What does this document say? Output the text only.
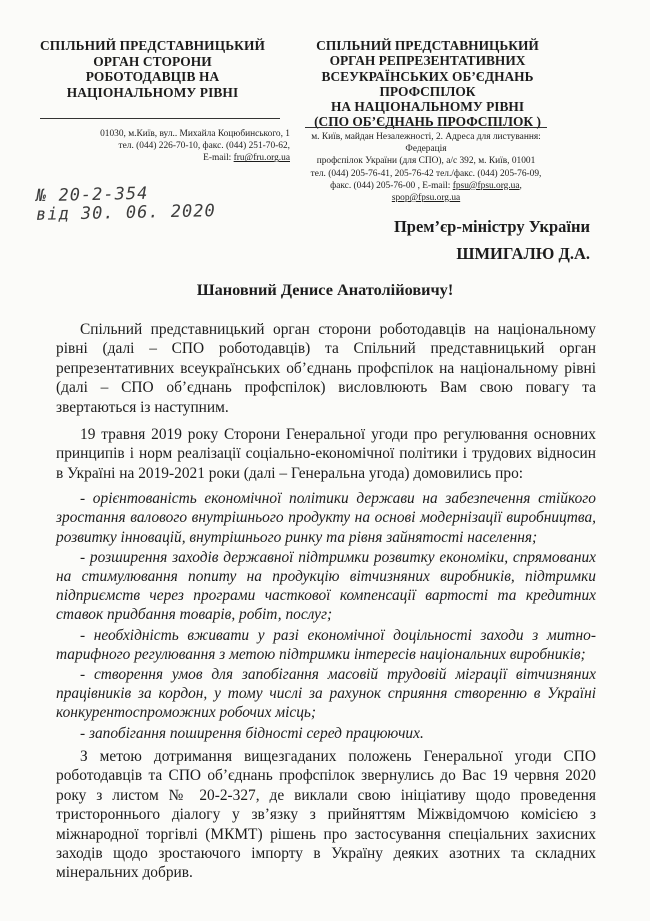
СПІЛЬНИЙ ПРЕДСТАВНИЦЬКИЙ
ОРГАН СТОРОНИ
РОБОТОДАВЦІВ НА
НАЦІОНАЛЬНОМУ РІВНІ
СПІЛЬНИЙ ПРЕДСТАВНИЦЬКИЙ
ОРГАН РЕПРЕЗЕНТАТИВНИХ
ВСЕУКРАЇНСЬКИХ ОБ’ЄДНАНЬ
ПРОФСПІЛОК
НА НАЦІОНАЛЬНОМУ РІВНІ
(СПО ОБ’ЄДНАНЬ ПРОФСПІЛОК )
01030, м.Київ, вул.. Михайла Коцюбинського, 1
тел. (044) 226-70-10, факс. (044) 251-70-62,
E-mail: fru@fru.org.ua
м. Київ, майдан Незалежності, 2. Адреса для листування: Федерація
профспілок України (для СПО), а/с 392, м. Київ, 01001
тел. (044) 205-76-41, 205-76-42 тел./факс. (044) 205-76-09,
факс. (044) 205-76-00 , E-mail: fpsu@fpsu.org.ua,
spop@fpsu.org.ua
№ 20-2-354
від 30. 06. 2020
Прем’єр-міністру України
ШМИГАЛЮ Д.А.
Шановний Денисе Анатолійовичу!

Спільний представницький орган сторони роботодавців на національному рівні (далі – СПО роботодавців) та Спільний представницький орган репрезентативних всеукраїнських об’єднань профспілок на національному рівні (далі – СПО об’єднань профспілок) висловлюють Вам свою повагу та звертаються із наступним.

19 травня 2019 року Сторони Генеральної угоди про регулювання основних принципів і норм реалізації соціально-економічної політики і трудових відносин в Україні на 2019-2021 роки (далі – Генеральна угода) домовились про:

- орієнтованість економічної політики держави на забезпечення стійкого зростання валового внутрішнього продукту на основі модернізації виробництва, розвитку інновацій, внутрішнього ринку та рівня зайнятості населення;

- розширення заходів державної підтримки розвитку економіки, спрямованих на стимулювання попиту на продукцію вітчизняних виробників, підтримки підприємств через програми часткової компенсації вартості та кредитних ставок придбання товарів, робіт, послуг;

- необхідність вживати у разі економічної доцільності заходи з митно-тарифного регулювання з метою підтримки інтересів національних виробників;

- створення умов для запобігання масовій трудовій міграції вітчизняних працівників за кордон, у тому числі за рахунок сприяння створенню в Україні конкурентоспроможних робочих місць;

- запобігання поширення бідності серед працюючих.

З метою дотримання вищезгаданих положень Генеральної угоди СПО роботодавців та СПО об’єднань профспілок звернулись до Вас 19 червня 2020 року з листом № 20-2-327, де виклали свою ініціативу щодо проведення тристороннього діалогу у зв’язку з прийняттям Міжвідомчою комісією з міжнародної торгівлі (МКМТ) рішень про застосування спеціальних захисних заходів щодо зростаючого імпорту в Україну деяких азотних та складних мінеральних добрив.
